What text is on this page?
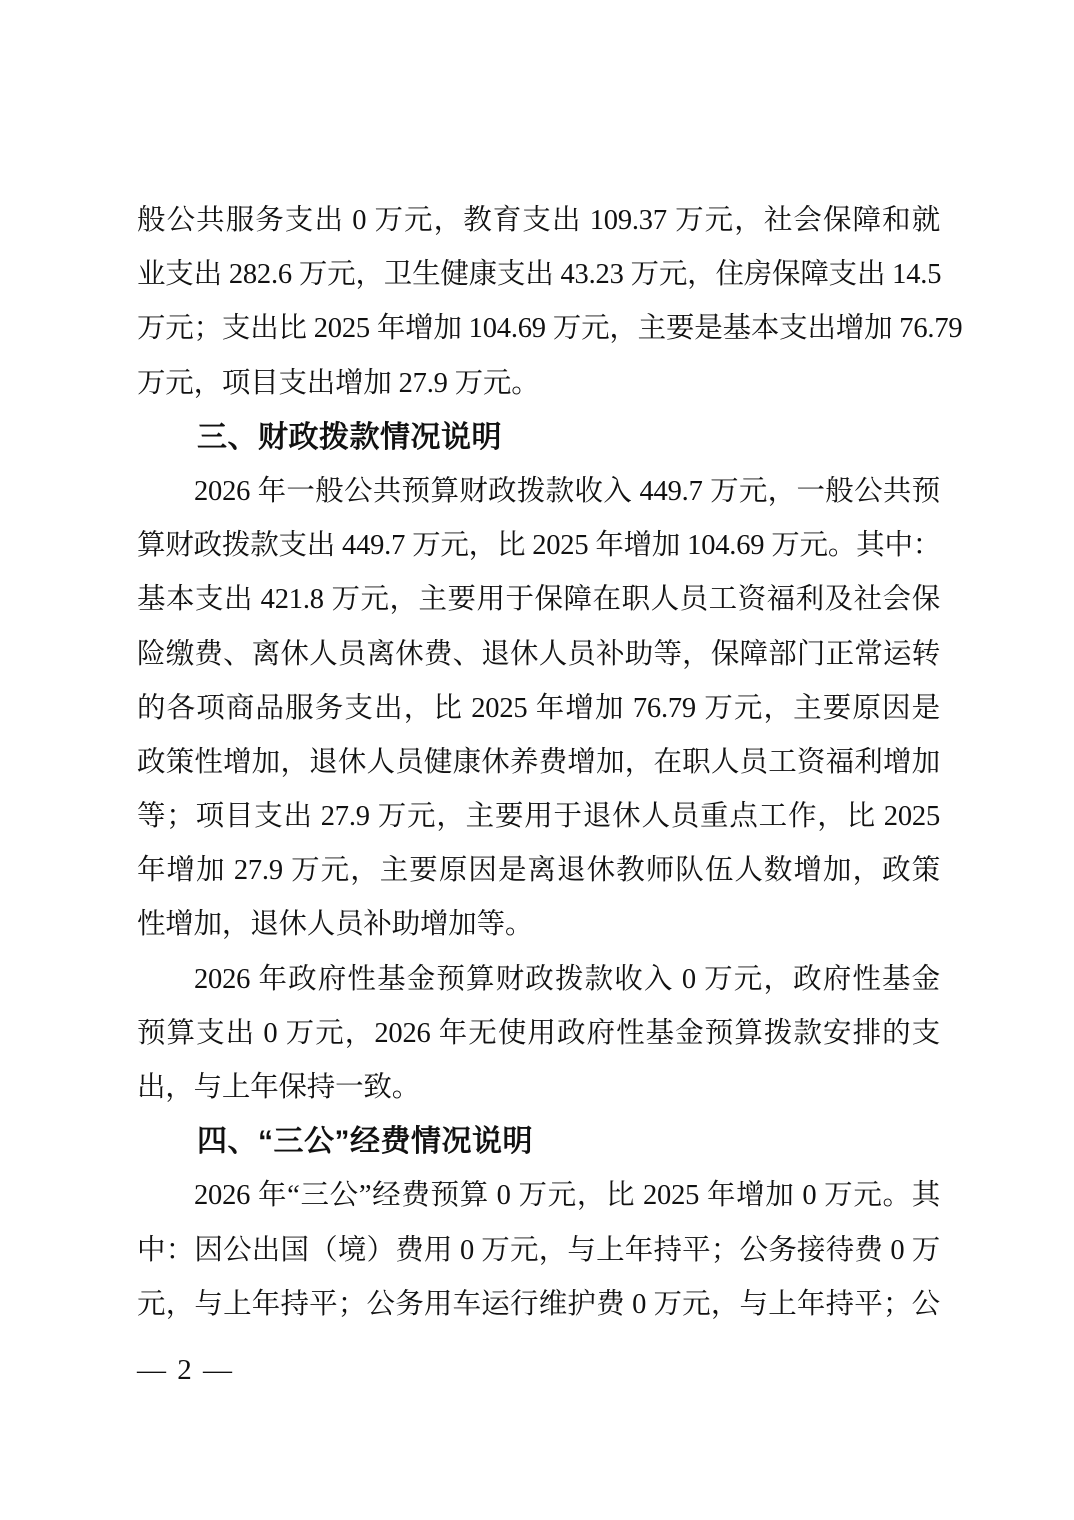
般公共服务支出 0 万元，教育支出 109.37 万元，社会保障和就
业支出 282.6 万元，卫生健康支出 43.23 万元，住房保障支出 14.5
万元；支出比 2025 年增加 104.69 万元，主要是基本支出增加 76.79
万元，项目支出增加 27.9 万元。
三、财政拨款情况说明
2026 年一般公共预算财政拨款收入 449.7 万元，一般公共预
算财政拨款支出 449.7 万元，比 2025 年增加 104.69 万元。其中：
基本支出 421.8 万元，主要用于保障在职人员工资福利及社会保
险缴费、离休人员离休费、退休人员补助等，保障部门正常运转
的各项商品服务支出，比 2025 年增加 76.79 万元，主要原因是
政策性增加，退休人员健康休养费增加，在职人员工资福利增加
等；项目支出 27.9 万元，主要用于退休人员重点工作，比 2025
年增加 27.9 万元，主要原因是离退休教师队伍人数增加，政策
性增加，退休人员补助增加等。
2026 年政府性基金预算财政拨款收入 0 万元，政府性基金
预算支出 0 万元，2026 年无使用政府性基金预算拨款安排的支
出，与上年保持一致。
四、“三公”经费情况说明
2026 年“三公”经费预算 0 万元，比 2025 年增加 0 万元。其
中：因公出国（境）费用 0 万元，与上年持平；公务接待费 0 万
元，与上年持平；公务用车运行维护费 0 万元，与上年持平；公
— 2 —
